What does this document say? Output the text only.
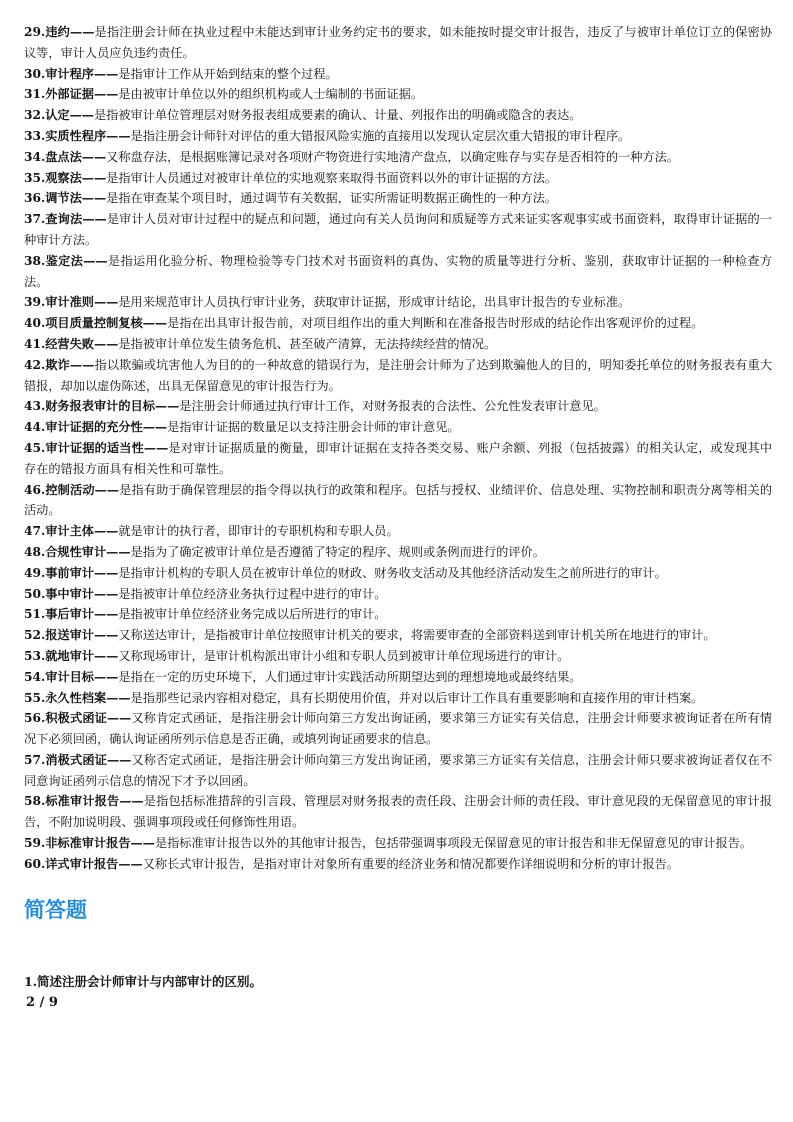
29.违约——是指注册会计师在执业过程中未能达到审计业务约定书的要求，如未能按时提交审计报告，违反了与被审计单位订立的保密协议等，审计人员应负违约责任。

30.审计程序——是指审计工作从开始到结束的整个过程。

31.外部证据——是由被审计单位以外的组织机构或人士编制的书面证据。

32.认定——是指被审计单位管理层对财务报表组成要素的确认、计量、列报作出的明确或隐含的表达。

33.实质性程序——是指注册会计师针对评估的重大错报风险实施的直接用以发现认定层次重大错报的审计程序。

34.盘点法——又称盘存法，是根据账簿记录对各项财产物资进行实地清产盘点，以确定账存与实存是否相符的一种方法。

35.观察法——是指审计人员通过对被审计单位的实地观察来取得书面资料以外的审计证据的方法。

36.调节法——是指在审查某个项目时，通过调节有关数据，证实所需证明数据正确性的一种方法。

37.查询法——是审计人员对审计过程中的疑点和问题，通过向有关人员询问和质疑等方式来证实客观事实或书面资料，取得审计证据的一种审计方法。

38.鉴定法——是指运用化验分析、物理检验等专门技术对书面资料的真伪、实物的质量等进行分析、鉴别，获取审计证据的一种检查方法。

39.审计准则——是用来规范审计人员执行审计业务，获取审计证据，形成审计结论，出具审计报告的专业标准。

40.项目质量控制复核——是指在出具审计报告前，对项目组作出的重大判断和在准备报告时形成的结论作出客观评价的过程。

41.经营失败——是指被审计单位发生债务危机、甚至破产清算，无法持续经营的情况。

42.欺诈——指以欺骗或坑害他人为目的的一种故意的错误行为，是注册会计师为了达到欺骗他人的目的，明知委托单位的财务报表有重大错报，却加以虚伪陈述，出具无保留意见的审计报告行为。

43.财务报表审计的目标——是注册会计师通过执行审计工作，对财务报表的合法性、公允性发表审计意见。

44.审计证据的充分性——是指审计证据的数量足以支持注册会计师的审计意见。

45.审计证据的适当性——是对审计证据质量的衡量，即审计证据在支持各类交易、账户余额、列报（包括披露）的相关认定，或发现其中存在的错报方面具有相关性和可靠性。

46.控制活动——是指有助于确保管理层的指令得以执行的政策和程序。包括与授权、业绩评价、信息处理、实物控制和职责分离等相关的活动。

47.审计主体——就是审计的执行者，即审计的专职机构和专职人员。

48.合规性审计——是指为了确定被审计单位是否遵循了特定的程序、规则或条例而进行的评价。

49.事前审计——是指审计机构的专职人员在被审计单位的财政、财务收支活动及其他经济活动发生之前所进行的审计。

50.事中审计——是指被审计单位经济业务执行过程中进行的审计。

51.事后审计——是指被审计单位经济业务完成以后所进行的审计。

52.报送审计——又称送达审计，是指被审计单位按照审计机关的要求，将需要审查的全部资料送到审计机关所在地进行的审计。

53.就地审计——又称现场审计，是审计机构派出审计小组和专职人员到被审计单位现场进行的审计。

54.审计目标——是指在一定的历史环境下，人们通过审计实践活动所期望达到的理想境地或最终结果。

55.永久性档案——是指那些记录内容相对稳定，具有长期使用价值，并对以后审计工作具有重要影响和直接作用的审计档案。

56.积极式函证——又称肯定式函证，是指注册会计师向第三方发出询证函，要求第三方证实有关信息，注册会计师要求被询证者在所有情况下必须回函，确认询证函所列示信息是否正确，或填列询证函要求的信息。

57.消极式函证——又称否定式函证，是指注册会计师向第三方发出询证函，要求第三方证实有关信息，注册会计师只要求被询证者仅在不同意询证函列示信息的情况下才予以回函。

58.标准审计报告——是指包括标准措辞的引言段、管理层对财务报表的责任段、注册会计师的责任段、审计意见段的无保留意见的审计报告，不附加说明段、强调事项段或任何修饰性用语。

59.非标准审计报告——是指标准审计报告以外的其他审计报告，包括带强调事项段无保留意见的审计报告和非无保留意见的审计报告。

60.详式审计报告——又称长式审计报告，是指对审计对象所有重要的经济业务和情况都要作详细说明和分析的审计报告。

简答题
1.简述注册会计师审计与内部审计的区别。
2 / 9
